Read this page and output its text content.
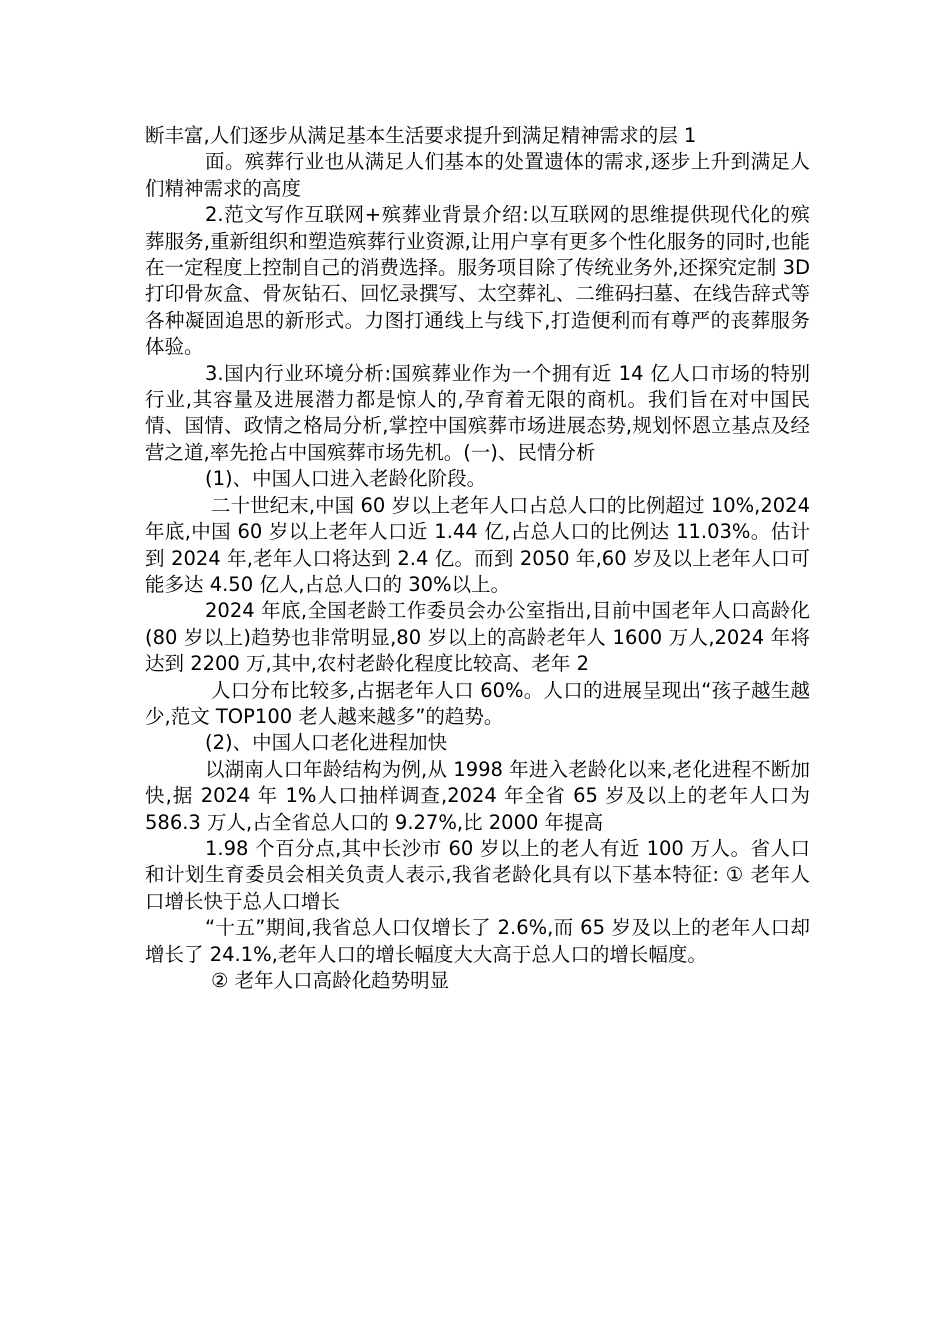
断丰富,人们逐步从满足基本生活要求提升到满足精神需求的层 1

面。殡葬行业也从满足人们基本的处置遗体的需求,逐步上升到满足人们精神需求的高度

2.范文写作互联网+殡葬业背景介绍:以互联网的思维提供现代化的殡葬服务,重新组织和塑造殡葬行业资源,让用户享有更多个性化服务的同时,也能在一定程度上控制自己的消费选择。服务项目除了传统业务外,还探究定制 3D 打印骨灰盒、骨灰钻石、回忆录撰写、太空葬礼、二维码扫墓、在线告辞式等各种凝固追思的新形式。力图打通线上与线下,打造便利而有尊严的丧葬服务体验。

3.国内行业环境分析:国殡葬业作为一个拥有近 14 亿人口市场的特别行业,其容量及进展潜力都是惊人的,孕育着无限的商机。我们旨在对中国民情、国情、政情之格局分析,掌控中国殡葬市场进展态势,规划怀恩立基点及经营之道,率先抢占中国殡葬市场先机。(一)、民情分析

(1)、中国人口进入老龄化阶段。

二十世纪末,中国 60 岁以上老年人口占总人口的比例超过 10%,2024 年底,中国 60 岁以上老年人口近 1.44 亿,占总人口的比例达 11.03%。估计到 2024 年,老年人口将达到 2.4 亿。而到 2050 年,60 岁及以上老年人口可能多达 4.50 亿人,占总人口的 30%以上。

2024 年底,全国老龄工作委员会办公室指出,目前中国老年人口高龄化(80 岁以上)趋势也非常明显,80 岁以上的高龄老年人 1600 万人,2024 年将达到 2200 万,其中,农村老龄化程度比较高、老年 2

人口分布比较多,占据老年人口 60%。人口的进展呈现出“孩子越生越少,范文 TOP100 老人越来越多”的趋势。

(2)、中国人口老化进程加快

以湖南人口年龄结构为例,从 1998 年进入老龄化以来,老化进程不断加快,据 2024 年 1%人口抽样调查,2024 年全省 65 岁及以上的老年人口为 586.3 万人,占全省总人口的 9.27%,比 2000 年提高

1.98 个百分点,其中长沙市 60 岁以上的老人有近 100 万人。省人口和计划生育委员会相关负责人表示,我省老龄化具有以下基本特征: ① 老年人口增长快于总人口增长

“十五”期间,我省总人口仅增长了 2.6%,而 65 岁及以上的老年人口却增长了 24.1%,老年人口的增长幅度大大高于总人口的增长幅度。

② 老年人口高龄化趋势明显
